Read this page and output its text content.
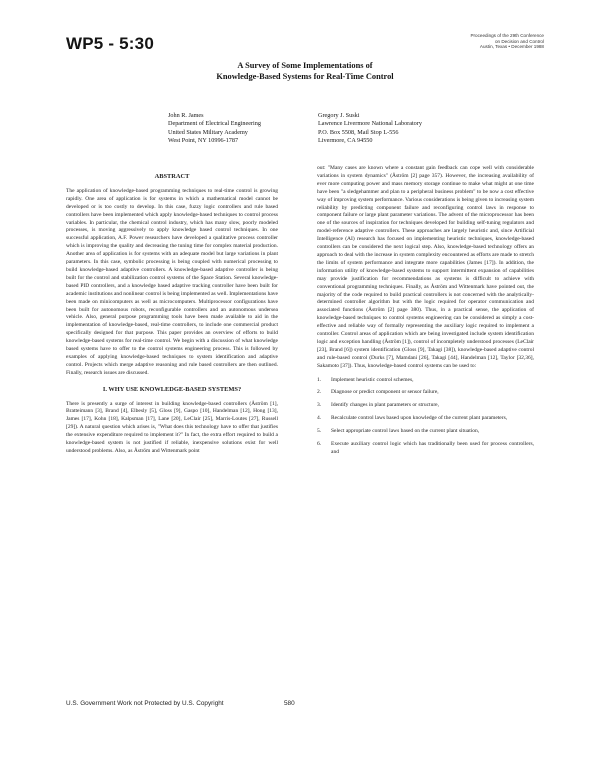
WP5 - 5:30	Proceedings of the 29th Conference
on Decision and Control
Austin, Texas • December 1988
A Survey of Some Implementations of
Knowledge-Based Systems for Real-Time Control
John R. James
Department of Electrical Engineering
United States Military Academy
West Point, NY 10996-1787
Gregory J. Suski
Lawrence Livermore National Laboratory
P.O. Box 5508, Mail Stop L-556
Livermore, CA 94550

ABSTRACT

The application of knowledge-based programming techniques to real-time control is growing rapidly. One area of application is for systems in which a mathematical model cannot be developed or is too costly to develop. In this case, fuzzy logic controllers and rule based controllers have been implemented which apply knowledge-based techniques to control process variables. In particular, the chemical control industry, which has many slow, poorly modeled processes, is moving aggressively to apply knowledge based control techniques. In one successful application, A.F. Power researchers have developed a qualitative process controller which is improving the quality and decreasing the tuning time for complex material production. Another area of application is for systems with an adequate model but large variations in plant parameters. In this case, symbolic processing is being coupled with numerical processing to build knowledge-based adaptive controllers. A knowledge-based adaptive controller is being built for the control and stabilization control systems of the Space Station. Several knowledge-based PID controllers, and a knowledge based adaptive tracking controller have been built for academic institutions and nonlinear control is being implemented as well. Implementations have been made on minicomputers as well as microcomputers. Multiprocessor configurations have been built for autonomous robots, reconfigurable controllers and an autonomous undersea vehicle. Also, general purpose programming tools have been made available to aid in the implementation of knowledge-based, real-time controllers, to include one commercial product specifically designed for that purpose. This paper provides an overview of efforts to build knowledge-based systems for real-time control. We begin with a discussion of what knowledge based systems have to offer to the control systems engineering process. This is followed by examples of applying knowledge-based techniques to system identification and adaptive control. Projects which merge adaptive reasoning and rule based controllers are then outlined. Finally, research issues are discussed.

I. WHY USE KNOWLEDGE-BASED SYSTEMS?

There is presently a surge of interest in building knowledge-based controllers (Åström [1], Bratteimann [3], Brand [4], Elbesly [5], Gloss [9], Gaspo [10], Handelman [12], Hong [13], James [17], Kohn [18], Kalpsman [17], Lane [20], LeClair [25], Marris-Loutes [27], Russell [29]). A natural question which arises is, "What does this technology have to offer that justifies the extensive expenditure required to implement it?" In fact, the extra effort required to build a knowledge-based system is not justified if reliable, inexpensive solutions exist for well understood problems. Also, as Åström and Wittenmark point

out: "Many cases are known where a constant gain feedback can cope well with considerable variations in system dynamics" (Åström [2] page 357). However, the increasing availability of ever more computing power and mass memory storage continue to make what might at one time have been "a sledgehammer and plan to a peripheral business problem" to be now a cost effective way of improving system performance. Various considerations is being given to increasing system reliability by predicting component failure and reconfiguring control laws in response to component failure or large plant parameter variations. The advent of the microprocessor has been one of the sources of inspiration for techniques developed for building self-tuning regulators and model-reference adaptive controllers. These approaches are largely heuristic and, since Artificial Intelligence (AI) research has focused on implementing heuristic techniques, knowledge-based controllers can be considered the next logical step. Also, knowledge-based technology offers an approach to deal with the increase in system complexity encountered as efforts are made to stretch the limits of system performance and integrate more capabilities (James [17]). In addition, the information utility of knowledge-based systems to support intermittent expansion of capabilities may provide justification for recommendations as systems is difficult to achieve with conventional programming techniques. Finally, as Åström and Wittenmark have pointed out, the majority of the code required to build practical controllers is not concerned with the analytically-determined controller algorithm but with the logic required for operator communication and associated functions (Åström [2] page 380). Thus, in a practical sense, the application of knowledge-based techniques to control systems engineering can be considered as simply a cost-effective and reliable way of formally representing the auxiliary logic required to implement a controller. Control areas of application which are being investigated include system identification logic and exception handling (Åström [1]), control of incompletely understood processes (LeClair [23], Brand [6]) system identification (Gloss [9], Takagi [38]), knowledge-based adaptive control and rule-based control (Durks [7], Mamdani [26], Takagi [44], Handelman [12], Taylor [32,36], Sakamoto [37]). Thus, knowledge-based control systems can be used to:

1.	Implement heuristic control schemes,
2.	Diagnose or predict component or sensor failure,
3.	Identify changes in plant parameters or structure,
4.	Recalculate control laws based upon knowledge of the current plant parameters,
5.	Select appropriate control laws based on the current plant situation,
6.	Execute auxiliary control logic which has traditionally been used for process controllers, and
U.S. Government Work not Protected by U.S. Copyright	580
